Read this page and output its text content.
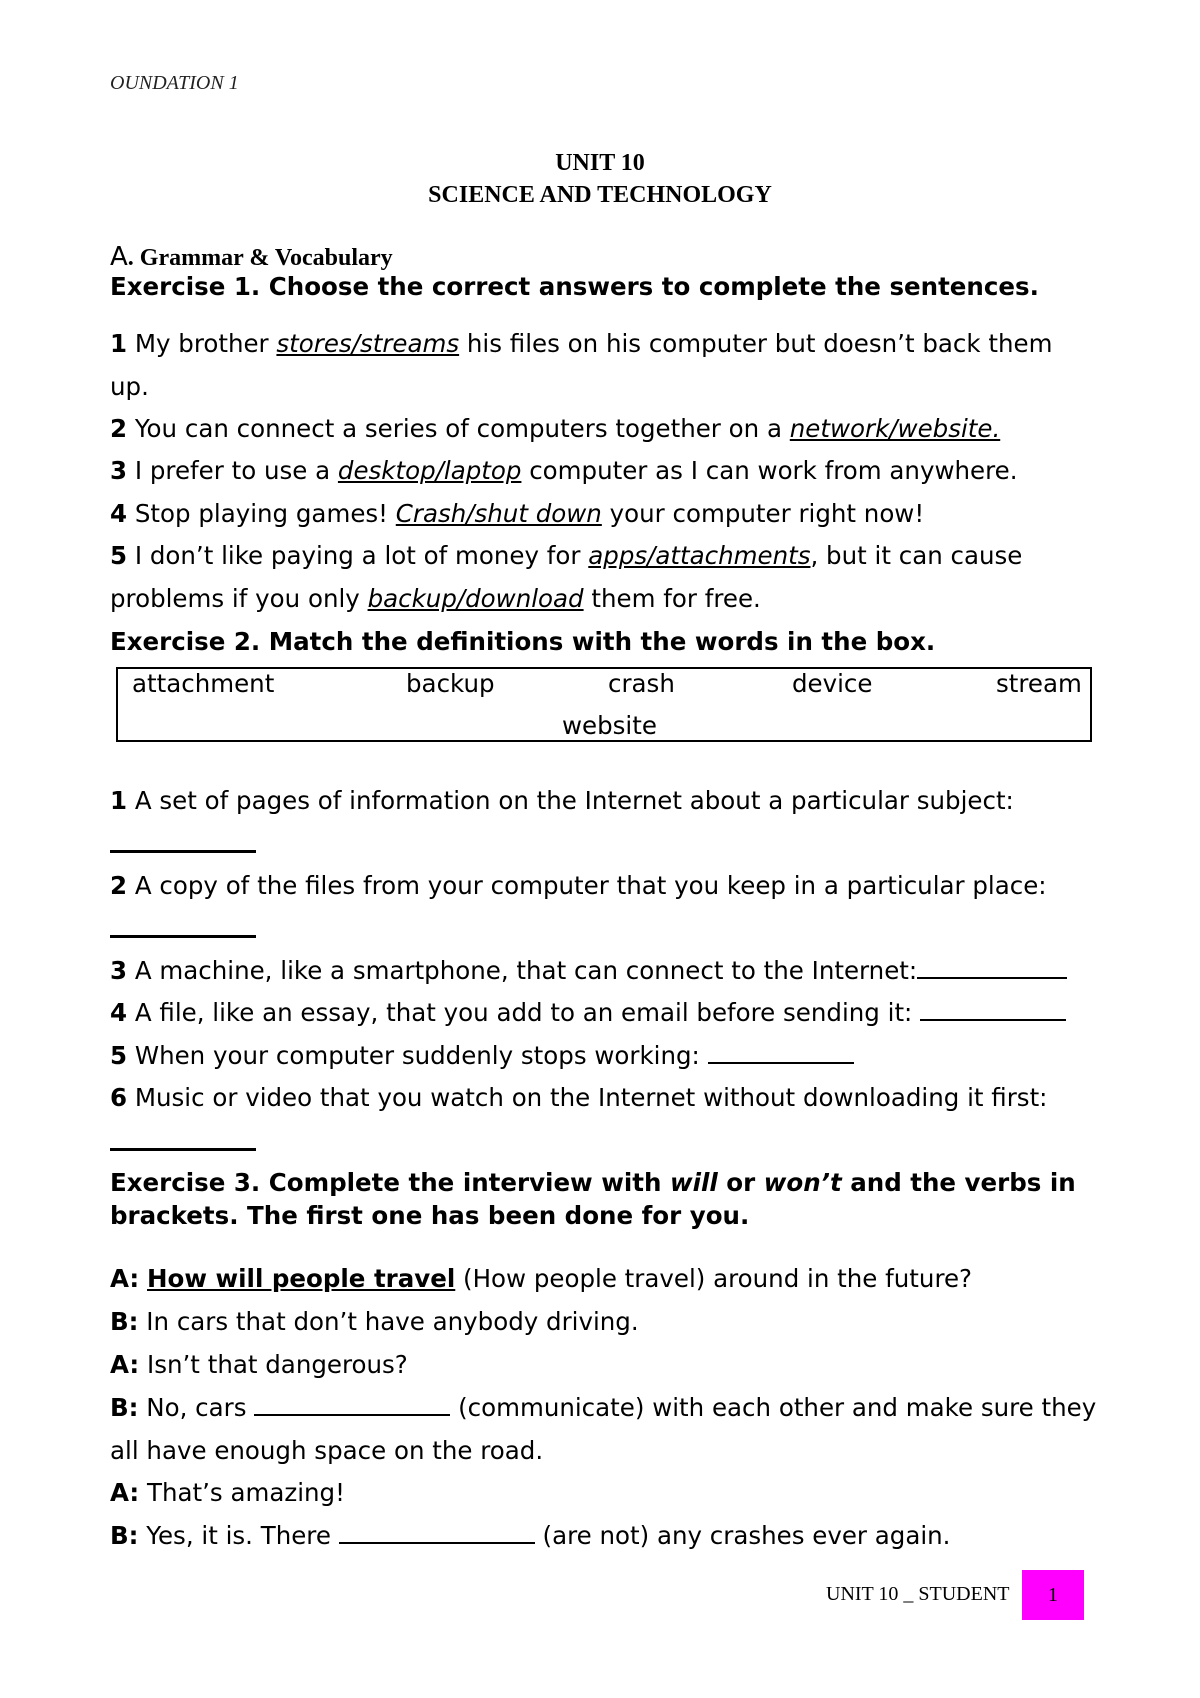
OUNDATION 1
UNIT 10
SCIENCE AND TECHNOLOGY
A. Grammar & Vocabulary
Exercise 1. Choose the correct answers to complete the sentences.
1 My brother stores/streams his files on his computer but doesn’t back them
up.
2 You can connect a series of computers together on a network/website.
3 I prefer to use a desktop/laptop computer as I can work from anywhere.
4 Stop playing games! Crash/shut down your computer right now!
5 I don’t like paying a lot of money for apps/attachments, but it can cause
problems if you only backup/download them for free.
Exercise 2. Match the definitions with the words in the box.
attachment	backup	crash	device	stream
website
1 A set of pages of information on the Internet about a particular subject:
2 A copy of the files from your computer that you keep in a particular place:
3 A machine, like a smartphone, that can connect to the Internet:
4 A file, like an essay, that you add to an email before sending it:
5 When your computer suddenly stops working:
6 Music or video that you watch on the Internet without downloading it first:
Exercise 3. Complete the interview with will or won’t and the verbs in
brackets. The first one has been done for you.
A: How will people travel (How people travel) around in the future?
B: In cars that don’t have anybody driving.
A: Isn’t that dangerous?
B: No, cars	(communicate) with each other and make sure they
all have enough space on the road.
A: That’s amazing!
B: Yes, it is. There	(are not) any crashes ever again.
UNIT 10 _ STUDENT	1
